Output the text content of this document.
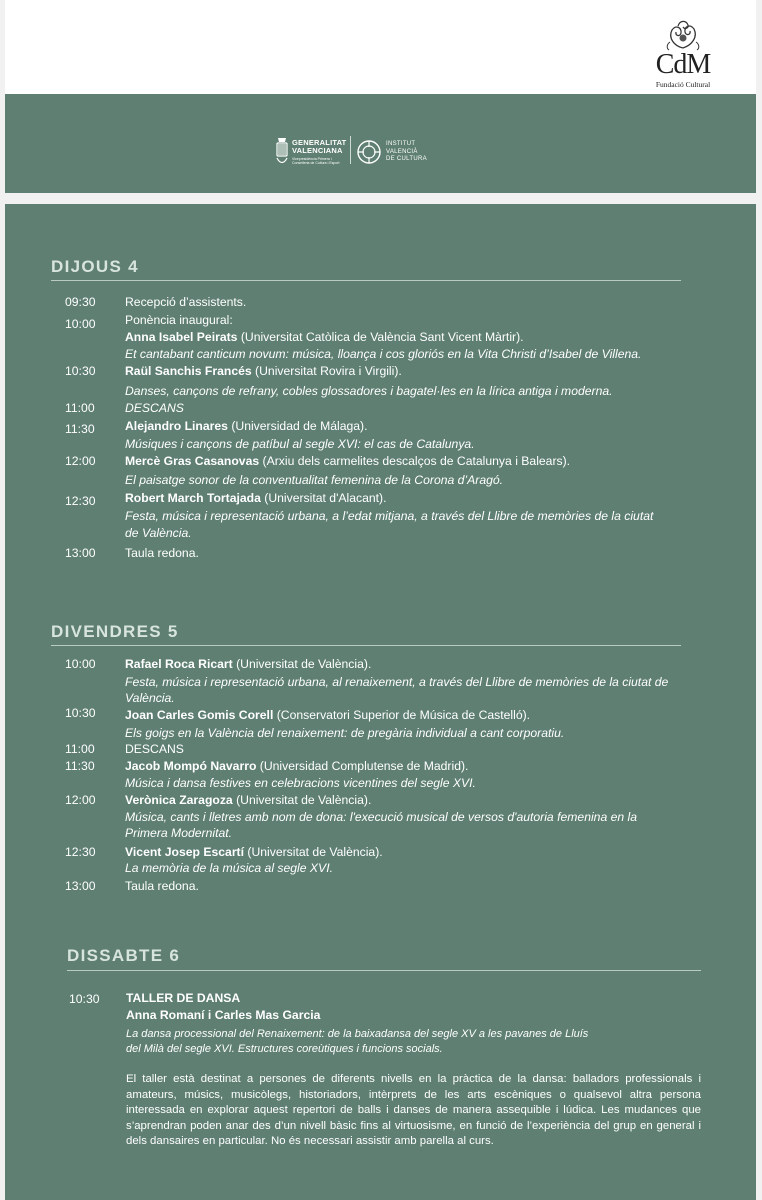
CdM
Fundació Cultural
GENERALITAT
VALENCIANA
Vicepresidència Primera i
Conselleria de Cultura i Esport
INSTITUT
VALENCIÀ
DE CULTURA
DIJOUS 4
09:30 Recepció d’assistents.
10:00 Ponència inaugural:
Anna Isabel Peirats (Universitat Catòlica de València Sant Vicent Màrtir).
Et cantabant canticum novum: música, lloança i cos gloriós en la Vita Christi d’Isabel de Villena.
10:30 Raül Sanchis Francés (Universitat Rovira i Virgili).
Danses, cançons de refrany, cobles glossadores i bagatel·les en la lírica antiga i moderna.
11:00 DESCANS
11:30 Alejandro Linares (Universidad de Málaga).
Músiques i cançons de patíbul al segle XVI: el cas de Catalunya.
12:00 Mercè Gras Casanovas (Arxiu dels carmelites descalços de Catalunya i Balears).
El paisatge sonor de la conventualitat femenina de la Corona d’Aragó.
12:30 Robert March Tortajada (Universitat d'Alacant).
Festa, música i representació urbana, a l’edat mitjana, a través del Llibre de memòries de la ciutat
de València.
13:00 Taula redona.
DIVENDRES 5
10:00 Rafael Roca Ricart (Universitat de València).
Festa, música i representació urbana, al renaixement, a través del Llibre de memòries de la ciutat de
València.
10:30 Joan Carles Gomis Corell (Conservatori Superior de Música de Castelló).
Els goigs en la València del renaixement: de pregària individual a cant corporatiu.
11:00 DESCANS
11:30 Jacob Mompó Navarro (Universidad Complutense de Madrid).
Música i dansa festives en celebracions vicentines del segle XVI.
12:00 Verònica Zaragoza (Universitat de València).
Música, cants i lletres amb nom de dona: l'execució musical de versos d'autoria femenina en la
Primera Modernitat.
12:30 Vicent Josep Escartí (Universitat de València).
La memòria de la música al segle XVI.
13:00 Taula redona.
DISSABTE 6
10:30 TALLER DE DANSA
Anna Romaní i Carles Mas Garcia
La dansa processional del Renaixement: de la baixadansa del segle XV a les pavanes de Lluís
del Milà del segle XVI. Estructures coreùtiques i funcions socials.
El taller està destinat a persones de diferents nivells en la pràctica de la dansa: balladors professionals i amateurs, músics, musicòlegs, historiadors, intèrprets de les arts escèniques o qualsevol altra persona interessada en explorar aquest repertori de balls i danses de manera assequible i lúdica. Les mudances que s’aprendran poden anar des d’un nivell bàsic fins al virtuosisme, en funció de l’experiència del grup en general i dels dansaires en particular. No és necessari assistir amb parella al curs.
